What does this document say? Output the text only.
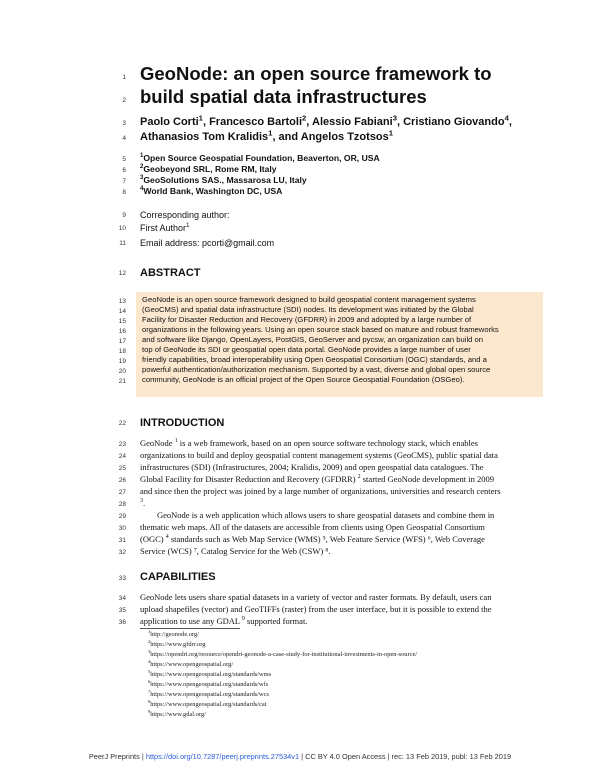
1
2
3
4
5
6
7
8
9
10
11
12
13
14
15
16
17
18
19
20
21
22
23
24
25
26
27
28
29
30
31
32
33
34
35
36
GeoNode: an open source framework to
build spatial data infrastructures
Paolo Corti$^1$, Francesco Bartoli$^2$, Alessio Fabiani$^3$, Cristiano Giovando$^4$,
Athanasios Tom Kralidis$^1$, and Angelos Tzotsos$^1$
$^1$Open Source Geospatial Foundation, Beaverton, OR, USA
$^2$Geobeyond SRL, Rome RM, Italy
$^3$GeoSolutions SAS., Massarosa LU, Italy
$^4$World Bank, Washington DC, USA
Corresponding author:
First Author$^1$
Email address: pcorti@gmail.com
ABSTRACT
GeoNode is an open source framework designed to build geospatial content management systems
(GeoCMS) and spatial data infrastructure (SDI) nodes. Its development was initiated by the Global
Facility for Disaster Reduction and Recovery (GFDRR) in 2009 and adopted by a large number of
organizations in the following years. Using an open source stack based on mature and robust frameworks
and software like Django, OpenLayers, PostGIS, GeoServer and pycsw, an organization can build on
top of GeoNode its SDI or geospatial open data portal. GeoNode provides a large number of user
friendly capabilities, broad interoperability using Open Geospatial Consortium (OGC) standards, and a
powerful authentication/authorization mechanism. Supported by a vast, diverse and global open source
community, GeoNode is an official project of the Open Source Geospatial Foundation (OSGeo).
INTRODUCTION
GeoNode $^1$ is a web framework, based on an open source software technology stack, which enables
organizations to build and deploy geospatial content management systems (GeoCMS), public spatial data
infrastructures (SDI) (Infrastructures, 2004; Kralidis, 2009) and open geospatial data catalogues. The
Global Facility for Disaster Reduction and Recovery (GFDRR) $^2$ started GeoNode development in 2009
and since then the project was joined by a large number of organizations, universities and research centers
$^3$.
GeoNode is a web application which allows users to share geospatial datasets and combine them in
thematic web maps. All of the datasets are accessible from clients using Open Geospatial Consortium
(OGC) $^4$ standards such as Web Map Service (WMS) ⁵, Web Feature Service (WFS) ⁶, Web Coverage
Service (WCS) ⁷, Catalog Service for the Web (CSW) ⁸.
CAPABILITIES
GeoNode lets users share spatial datasets in a variety of vector and raster formats. By default, users can
upload shapefiles (vector) and GeoTIFFs (raster) from the user interface, but it is possible to extend the
application to use any GDAL $^9$ supported format.
$^1$http://geonode.org/
$^2$https://www.gfdrr.org
$^3$https://opendri.org/resource/opendri-geonode-a-case-study-for-institutional-investments-in-open-source/
$^4$https://www.opengeospatial.org/
$^5$https://www.opengeospatial.org/standards/wms
$^6$https://www.opengeospatial.org/standards/wfs
$^7$https://www.opengeospatial.org/standards/wcs
$^8$https://www.opengeospatial.org/standards/cat
$^9$https://www.gdal.org/
PeerJ Preprints | https://doi.org/10.7287/peerj.preprints.27534v1 | CC BY 4.0 Open Access | rec: 13 Feb 2019, publ: 13 Feb 2019
